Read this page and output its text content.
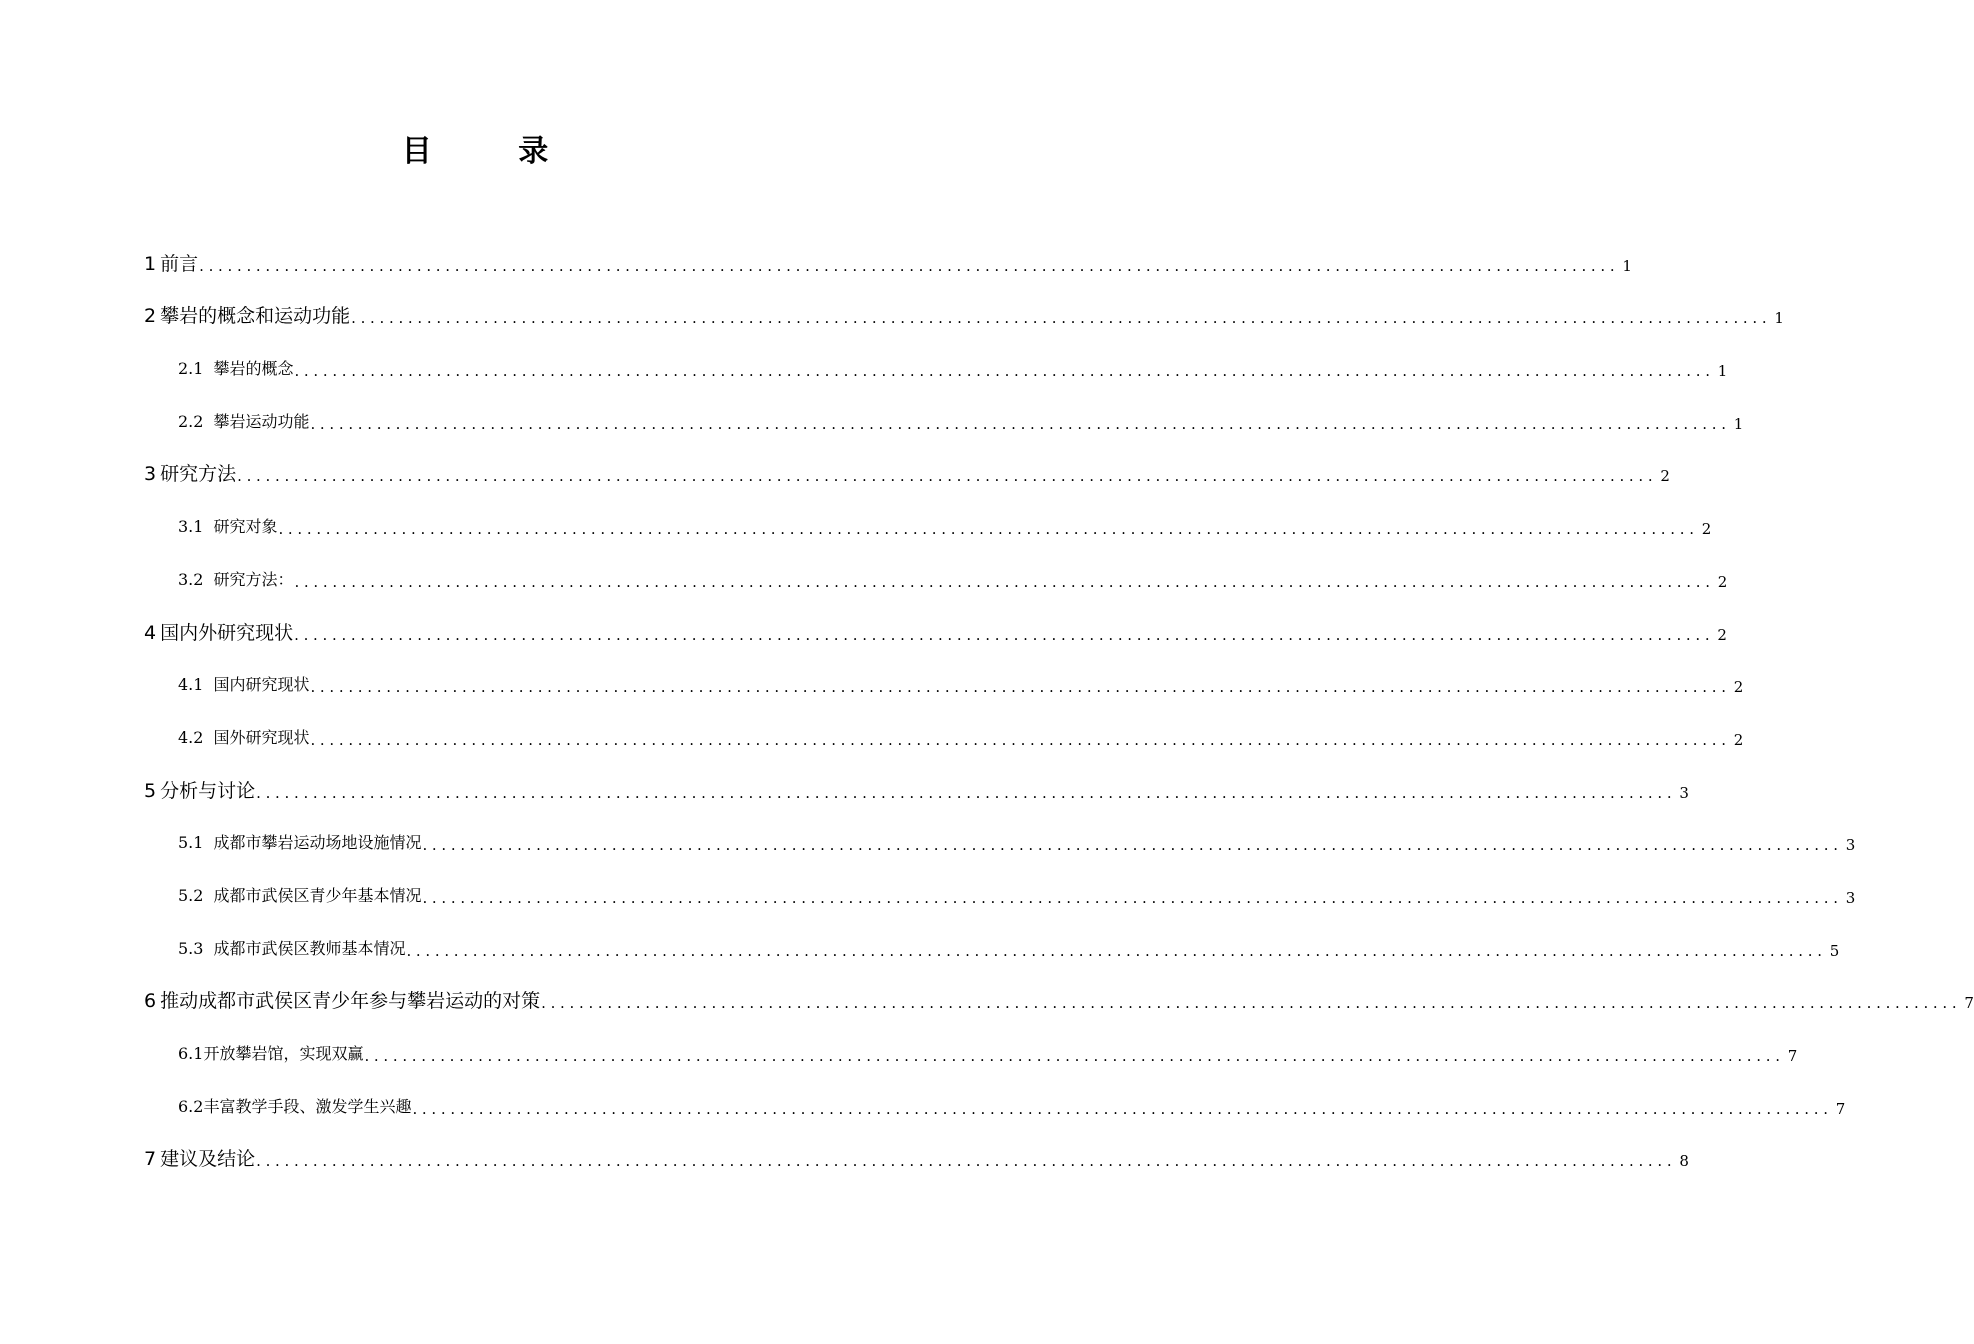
目 录
1 前言 ...................................................................................................................................................... 1
2 攀岩的概念和运动功能 ...................................................................................................................................................... 1
2.1 攀岩的概念 ...................................................................................................................................................... 1
2.2 攀岩运动功能 ...................................................................................................................................................... 1
3 研究方法 ...................................................................................................................................................... 2
3.1 研究对象 ...................................................................................................................................................... 2
3.2 研究方法： ...................................................................................................................................................... 2
4 国内外研究现状 ...................................................................................................................................................... 2
4.1 国内研究现状 ...................................................................................................................................................... 2
4.2 国外研究现状 ...................................................................................................................................................... 2
5 分析与讨论 ...................................................................................................................................................... 3
5.1 成都市攀岩运动场地设施情况 ...................................................................................................................................................... 3
5.2 成都市武侯区青少年基本情况 ...................................................................................................................................................... 3
5.3 成都市武侯区教师基本情况 ...................................................................................................................................................... 5
6 推动成都市武侯区青少年参与攀岩运动的对策 ...................................................................................................................................................... 7
6.1开放攀岩馆，实现双赢 ...................................................................................................................................................... 7
6.2丰富教学手段、激发学生兴趣 ...................................................................................................................................................... 7
7 建议及结论 ...................................................................................................................................................... 8
